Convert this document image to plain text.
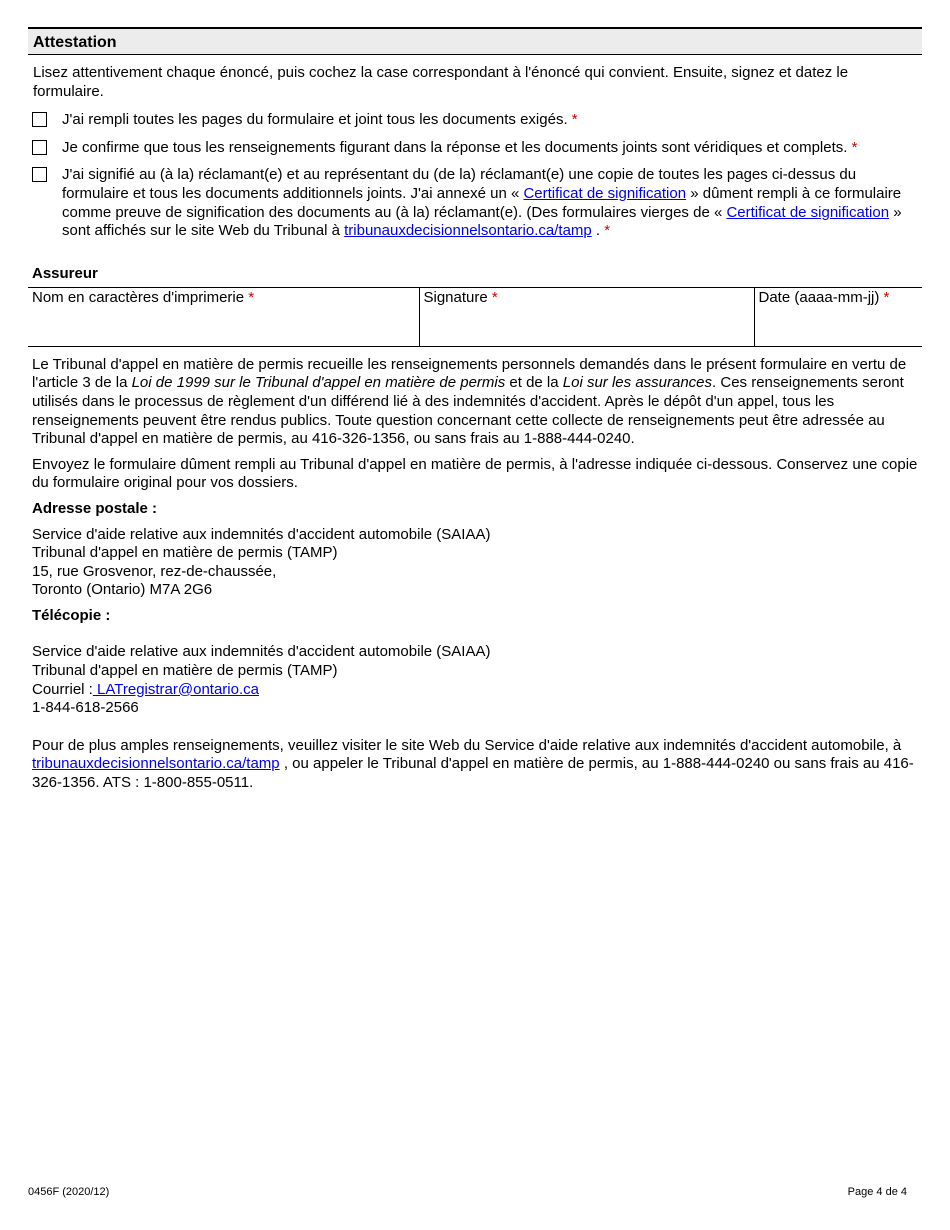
Attestation
Lisez attentivement chaque énoncé, puis cochez la case correspondant à l'énoncé qui convient. Ensuite, signez et datez le formulaire.
J'ai rempli toutes les pages du formulaire et joint tous les documents exigés. *
Je confirme que tous les renseignements figurant dans la réponse et les documents joints sont véridiques et complets. *
J'ai signifié au (à la) réclamant(e) et au représentant du (de la) réclamant(e) une copie de toutes les pages ci-dessus du formulaire et tous les documents additionnels joints. J'ai annexé un « Certificat de signification » dûment rempli à ce formulaire comme preuve de signification des documents au (à la) réclamant(e). (Des formulaires vierges de « Certificat de signification » sont affichés sur le site Web du Tribunal à tribunauxdecisionnelsontario.ca/tamp . *
Assureur
Nom en caractères d'imprimerie *	Signature *	Date (aaaa-mm-jj) *
Le Tribunal d'appel en matière de permis recueille les renseignements personnels demandés dans le présent formulaire en vertu de l'article 3 de la Loi de 1999 sur le Tribunal d'appel en matière de permis et de la Loi sur les assurances. Ces renseignements seront utilisés dans le processus de règlement d'un différend lié à des indemnités d'accident. Après le dépôt d'un appel, tous les renseignements peuvent être rendus publics. Toute question concernant cette collecte de renseignements peut être adressée au Tribunal d'appel en matière de permis, au 416-326-1356, ou sans frais au 1-888-444-0240.
Envoyez le formulaire dûment rempli au Tribunal d'appel en matière de permis, à l'adresse indiquée ci-dessous. Conservez une copie du formulaire original pour vos dossiers.
Adresse postale :
Service d'aide relative aux indemnités d'accident automobile (SAIAA)
Tribunal d'appel en matière de permis (TAMP)
15, rue Grosvenor, rez-de-chaussée,
Toronto (Ontario) M7A 2G6
Télécopie :
Service d'aide relative aux indemnités d'accident automobile (SAIAA)
Tribunal d'appel en matière de permis (TAMP)
Courriel : LATregistrar@ontario.ca
1-844-618-2566
Pour de plus amples renseignements, veuillez visiter le site Web du Service d'aide relative aux indemnités d'accident automobile, à tribunauxdecisionnelsontario.ca/tamp , ou appeler le Tribunal d'appel en matière de permis, au 1-888-444-0240 ou sans frais au 416-326-1356. ATS : 1-800-855-0511.
0456F (2020/12)	Page 4 de 4
